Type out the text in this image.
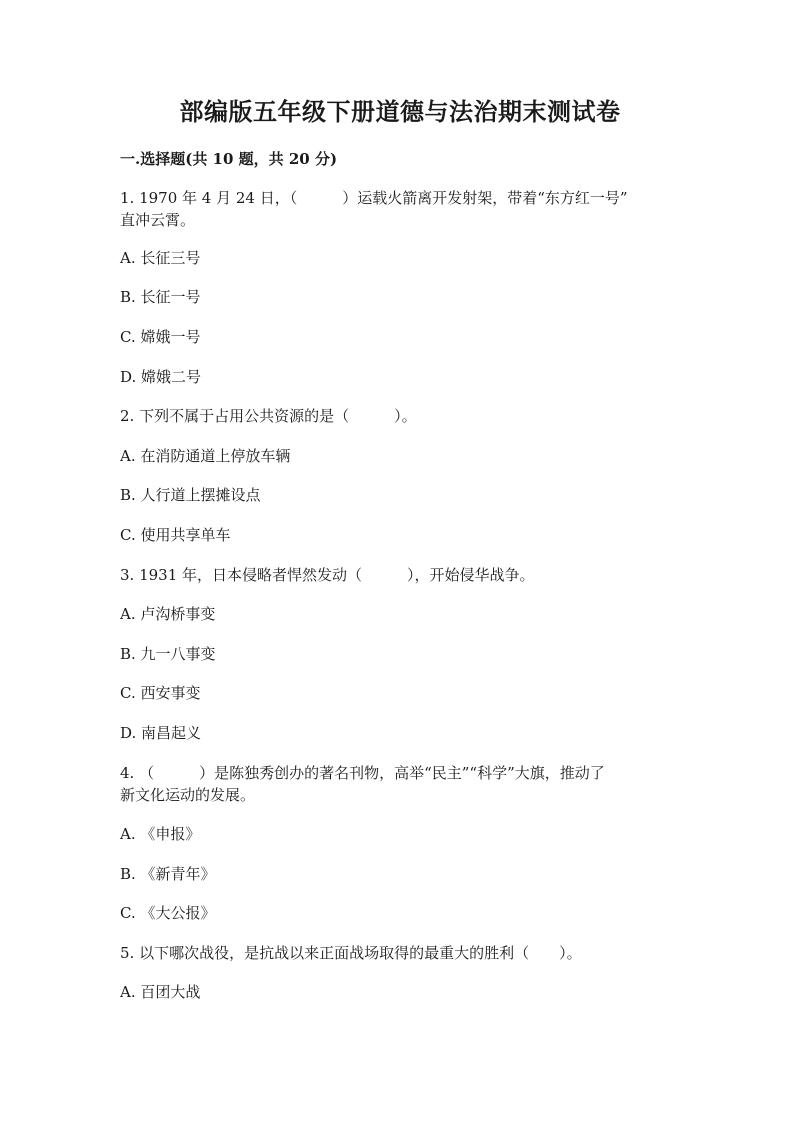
部编版五年级下册道德与法治期末测试卷
一.选择题(共 10 题，共 20 分)

1. 1970 年 4 月 24 日，（　　　）运载火箭离开发射架，带着“东方红一号”

直冲云霄。

A. 长征三号

B. 长征一号

C. 嫦娥一号

D. 嫦娥二号

2. 下列不属于占用公共资源的是（　　　）。

A. 在消防通道上停放车辆

B. 人行道上摆摊设点

C. 使用共享单车

3. 1931 年，日本侵略者悍然发动（　　　），开始侵华战争。

A. 卢沟桥事变

B. 九一八事变

C. 西安事变

D. 南昌起义

4. （　　　）是陈独秀创办的著名刊物，高举“民主”“科学”大旗，推动了

新文化运动的发展。

A. 《申报》

B. 《新青年》

C. 《大公报》

5. 以下哪次战役，是抗战以来正面战场取得的最重大的胜利（　　）。

A. 百团大战
